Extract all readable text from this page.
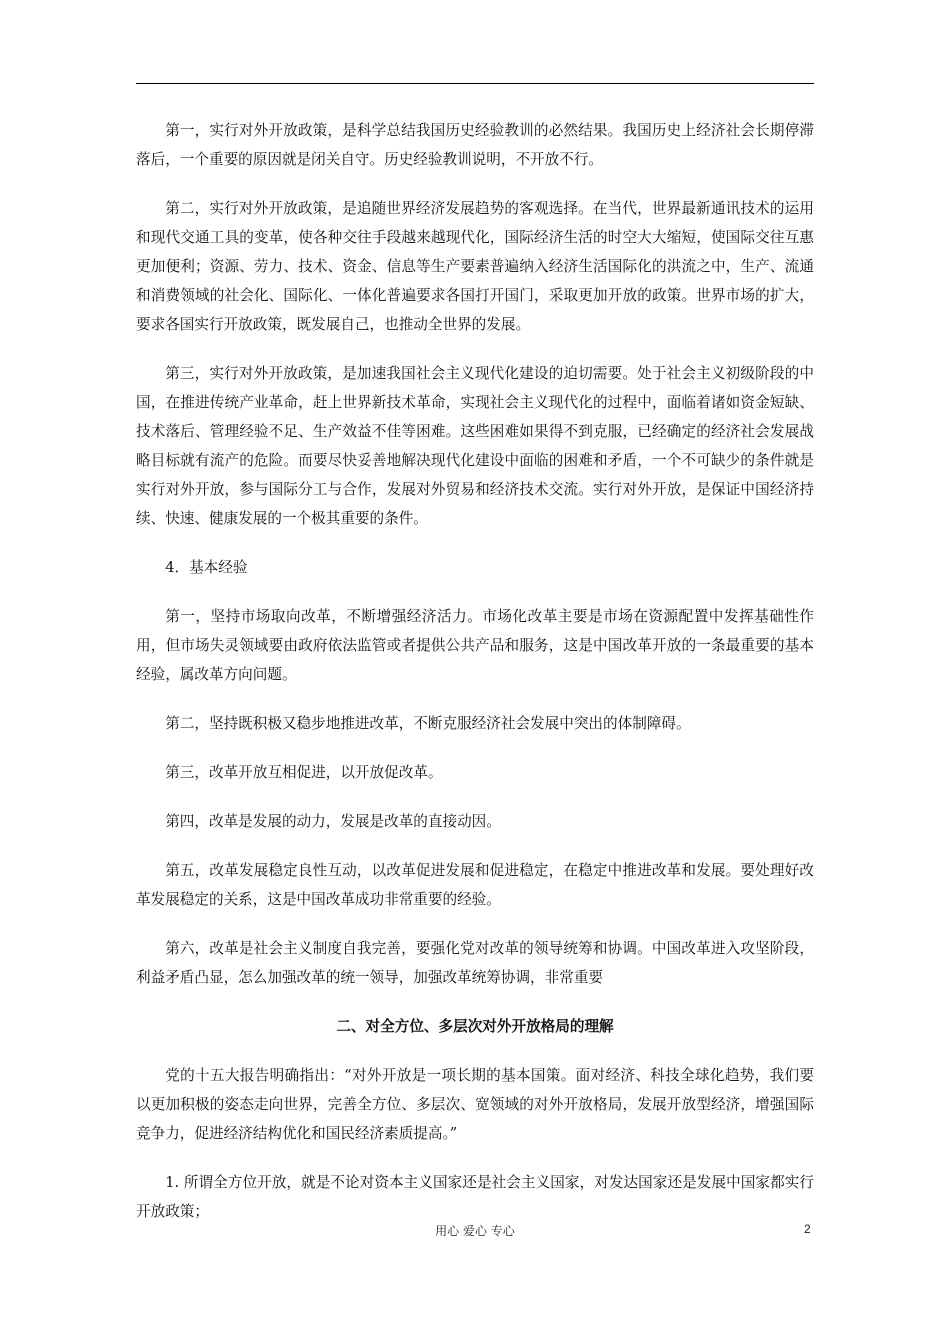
第一，实行对外开放政策，是科学总结我国历史经验教训的必然结果。我国历史上经济社会长期停滞落后，一个重要的原因就是闭关自守。历史经验教训说明，不开放不行。

第二，实行对外开放政策，是追随世界经济发展趋势的客观选择。在当代，世界最新通讯技术的运用和现代交通工具的变革，使各种交往手段越来越现代化，国际经济生活的时空大大缩短，使国际交往互惠更加便利；资源、劳力、技术、资金、信息等生产要素普遍纳入经济生活国际化的洪流之中，生产、流通和消费领域的社会化、国际化、一体化普遍要求各国打开国门，采取更加开放的政策。世界市场的扩大，要求各国实行开放政策，既发展自己，也推动全世界的发展。

第三，实行对外开放政策，是加速我国社会主义现代化建设的迫切需要。处于社会主义初级阶段的中国，在推进传统产业革命，赶上世界新技术革命，实现社会主义现代化的过程中，面临着诸如资金短缺、技术落后、管理经验不足、生产效益不佳等困难。这些困难如果得不到克服，已经确定的经济社会发展战略目标就有流产的危险。而要尽快妥善地解决现代化建设中面临的困难和矛盾，一个不可缺少的条件就是实行对外开放，参与国际分工与合作，发展对外贸易和经济技术交流。实行对外开放，是保证中国经济持续、快速、健康发展的一个极其重要的条件。

4．基本经验

第一，坚持市场取向改革，不断增强经济活力。市场化改革主要是市场在资源配置中发挥基础性作用，但市场失灵领域要由政府依法监管或者提供公共产品和服务，这是中国改革开放的一条最重要的基本经验，属改革方向问题。

第二，坚持既积极又稳步地推进改革，不断克服经济社会发展中突出的体制障碍。

第三，改革开放互相促进，以开放促改革。

第四，改革是发展的动力，发展是改革的直接动因。

第五，改革发展稳定良性互动，以改革促进发展和促进稳定，在稳定中推进改革和发展。要处理好改革发展稳定的关系，这是中国改革成功非常重要的经验。

第六，改革是社会主义制度自我完善，要强化党对改革的领导统筹和协调。中国改革进入攻坚阶段，利益矛盾凸显，怎么加强改革的统一领导，加强改革统筹协调，非常重要

二、对全方位、多层次对外开放格局的理解

党的十五大报告明确指出：“对外开放是一项长期的基本国策。面对经济、科技全球化趋势，我们要以更加积极的姿态走向世界，完善全方位、多层次、宽领域的对外开放格局，发展开放型经济，增强国际竞争力，促进经济结构优化和国民经济素质提高。”

1. 所谓全方位开放，就是不论对资本主义国家还是社会主义国家，对发达国家还是发展中国家都实行开放政策；

用心 爱心 专心	2
